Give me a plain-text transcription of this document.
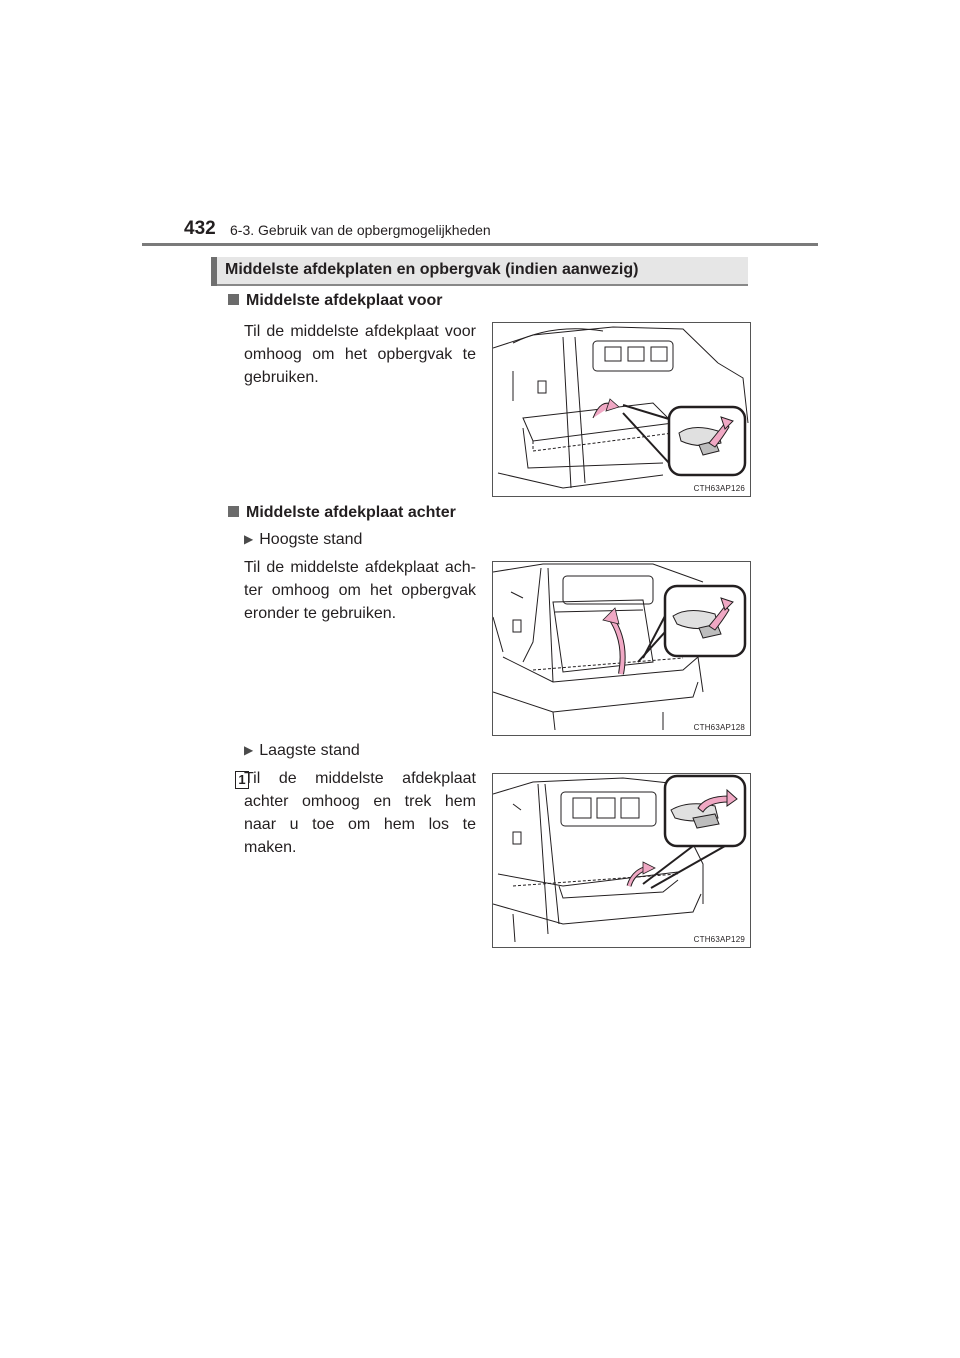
432 6-3. Gebruik van de opbergmogelijkheden
Middelste afdekplaten en opbergvak (indien aanwezig)
Middelste afdekplaat voor
Til de middelste afdekplaat voor omhoog om het opbergvak te gebruiken.
CTH63AP126
Middelste afdekplaat achter
▶ Hoogste stand
Til de middelste afdekplaat ach-ter omhoog om het opbergvak eronder te gebruiken.
CTH63AP128
▶ Laagste stand
1
Til de middelste afdekplaat achter omhoog en trek hem naar u toe om hem los te maken.
CTH63AP129
